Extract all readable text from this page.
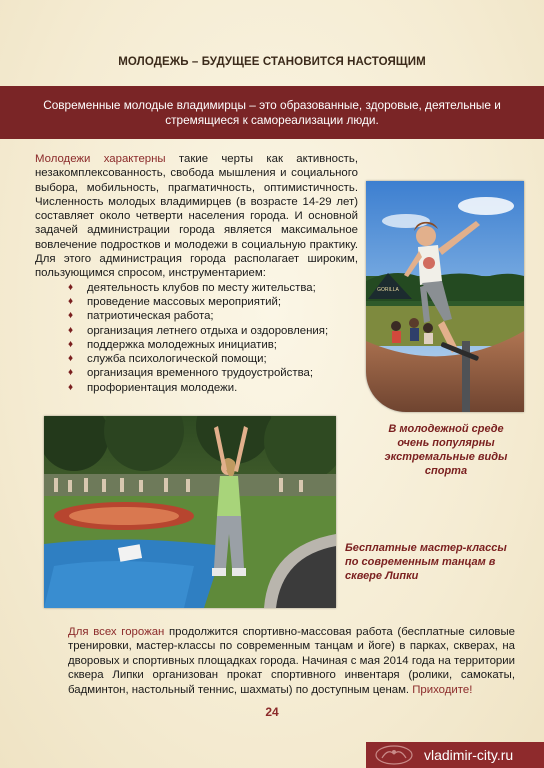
МОЛОДЕЖЬ – БУДУЩЕЕ СТАНОВИТСЯ НАСТОЯЩИМ
Современные молодые владимирцы – это образованные, здоровые, деятельные и
стремящиеся к самореализации люди.
Молодежи характерны такие черты как активность, незакомплексованность, свобода мышления и социального выбора, мобильность, прагматичность, оптимистичность. Численность молодых владимирцев (в возрасте 14-29 лет) составляет около четверти населения города. И основной задачей администрации города является максимальное вовлечение подростков и молодежи в социальную практику. Для этого администрация города располагает широким, пользующимся спросом, инструментарием:
♦ деятельность клубов по месту жительства;
♦ проведение массовых мероприятий;
♦ патриотическая работа;
♦ организация летнего отдыха и оздоровления;
♦ поддержка молодежных инициатив;
♦ служба психологической помощи;
♦ организация временного трудоустройства;
♦ профориентация молодежи.
GORILLA
В молодежной среде очень популярны экстремальные виды спорта
Бесплатные мастер-классы по современным танцам в сквере Липки
Для всех горожан продолжится спортивно-массовая работа (бесплатные силовые тренировки, мастер-классы по современным танцам и йоге) в парках, скверах, на дворовых и спортивных площадках города. Начиная с мая 2014 года на территории сквера Липки организован прокат спортивного инвентаря (ролики, самокаты, бадминтон, настольный теннис, шахматы) по доступным ценам. Приходите!
24
vladimir-city.ru
